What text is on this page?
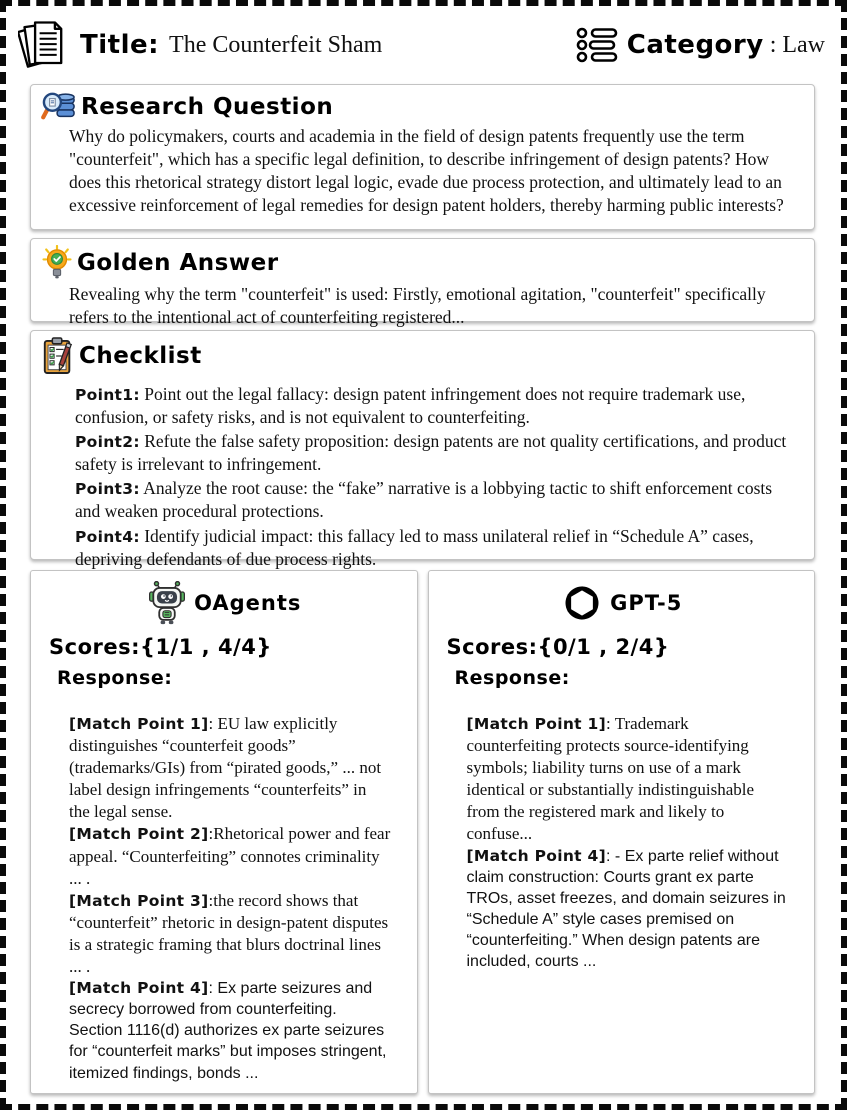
Title: The Counterfeit Sham	Category : Law
Research Question
Why do policymakers, courts and academia in the field of design patents frequently use the term "counterfeit", which has a specific legal definition, to describe infringement of design patents? How does this rhetorical strategy distort legal logic, evade due process protection, and ultimately lead to an excessive reinforcement of legal remedies for design patent holders, thereby harming public interests?
Golden Answer
Revealing why the term "counterfeit" is used: Firstly, emotional agitation, "counterfeit" specifically refers to the intentional act of counterfeiting registered...
Checklist

Point1: Point out the legal fallacy: design patent infringement does not require trademark use, confusion, or safety risks, and is not equivalent to counterfeiting.

Point2: Refute the false safety proposition: design patents are not quality certifications, and product safety is irrelevant to infringement.

Point3: Analyze the root cause: the “fake” narrative is a lobbying tactic to shift enforcement costs and weaken procedural protections.

Point4: Identify judicial impact: this fallacy led to mass unilateral relief in “Schedule A” cases, depriving defendants of due process rights.

OAgents
Scores:{1/1 , 4/4}
Response:

[Match Point 1]: EU law explicitly distinguishes “counterfeit goods” (trademarks/GIs) from “pirated goods,” ... not label design infringements “counterfeits” in the legal sense.

[Match Point 2]:Rhetorical power and fear appeal. “Counterfeiting” connotes criminality ... .

[Match Point 3]:the record shows that “counterfeit” rhetoric in design-patent disputes is a strategic framing that blurs doctrinal lines ... .

[Match Point 4]: Ex parte seizures and secrecy borrowed from counterfeiting. Section 1116(d) authorizes ex parte seizures for “counterfeit marks” but imposes stringent, itemized findings, bonds ...

GPT-5
Scores:{0/1 , 2/4}
Response:

[Match Point 1]: Trademark counterfeiting protects source-identifying symbols; liability turns on use of a mark identical or substantially indistinguishable from the registered mark and likely to confuse...

[Match Point 4]: - Ex parte relief without claim construction: Courts grant ex parte TROs, asset freezes, and domain seizures in “Schedule A” style cases premised on “counterfeiting.” When design patents are included, courts ...
